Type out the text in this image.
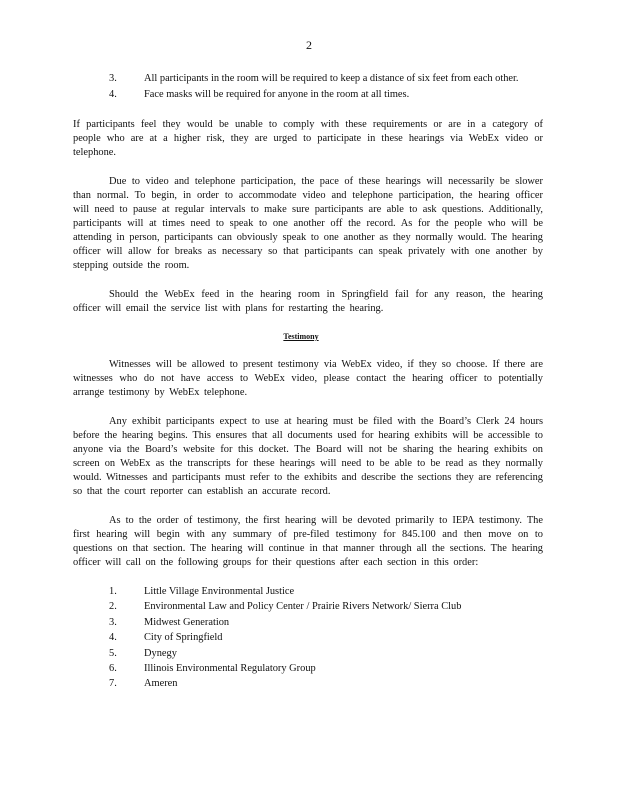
2
3.	All participants in the room will be required to keep a distance of six feet from each other.
4.	Face masks will be required for anyone in the room at all times.

If participants feel they would be unable to comply with these requirements or are in a category of people who are at a higher risk, they are urged to participate in these hearings via WebEx video or telephone.

Due to video and telephone participation, the pace of these hearings will necessarily be slower than normal. To begin, in order to accommodate video and telephone participation, the hearing officer will need to pause at regular intervals to make sure participants are able to ask questions. Additionally, participants will at times need to speak to one another off the record. As for the people who will be attending in person, participants can obviously speak to one another as they normally would. The hearing officer will allow for breaks as necessary so that participants can speak privately with one another by stepping outside the room.

Should the WebEx feed in the hearing room in Springfield fail for any reason, the hearing officer will email the service list with plans for restarting the hearing.

Testimony

Witnesses will be allowed to present testimony via WebEx video, if they so choose. If there are witnesses who do not have access to WebEx video, please contact the hearing officer to potentially arrange testimony by WebEx telephone.

Any exhibit participants expect to use at hearing must be filed with the Board’s Clerk 24 hours before the hearing begins. This ensures that all documents used for hearing exhibits will be accessible to anyone via the Board’s website for this docket. The Board will not be sharing the hearing exhibits on screen on WebEx as the transcripts for these hearings will need to be able to be read as they normally would. Witnesses and participants must refer to the exhibits and describe the sections they are referencing so that the court reporter can establish an accurate record.

As to the order of testimony, the first hearing will be devoted primarily to IEPA testimony. The first hearing will begin with any summary of pre-filed testimony for 845.100 and then move on to questions on that section. The hearing will continue in that manner through all the sections. The hearing officer will call on the following groups for their questions after each section in this order:

1.	Little Village Environmental Justice
2.	Environmental Law and Policy Center / Prairie Rivers Network/ Sierra Club
3.	Midwest Generation
4.	City of Springfield
5.	Dynegy
6.	Illinois Environmental Regulatory Group
7.	Ameren
